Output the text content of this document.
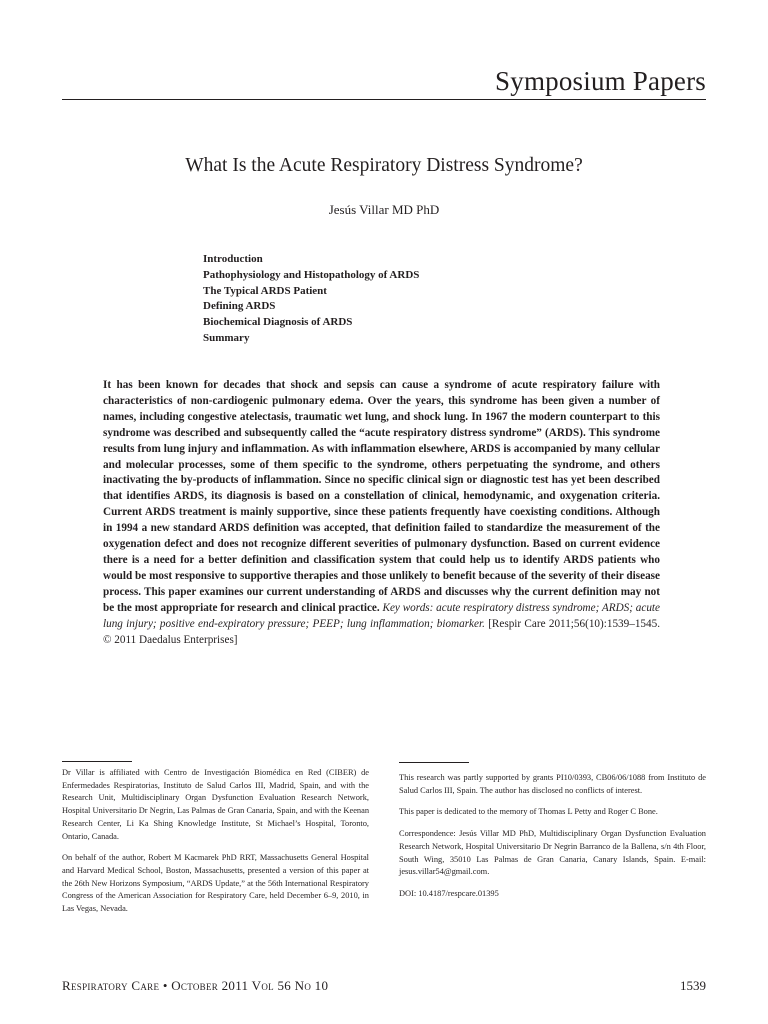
Symposium Papers
What Is the Acute Respiratory Distress Syndrome?
Jesús Villar MD PhD
Introduction
Pathophysiology and Histopathology of ARDS
The Typical ARDS Patient
Defining ARDS
Biochemical Diagnosis of ARDS
Summary

It has been known for decades that shock and sepsis can cause a syndrome of acute respiratory failure with characteristics of non-cardiogenic pulmonary edema. Over the years, this syndrome has been given a number of names, including congestive atelectasis, traumatic wet lung, and shock lung. In 1967 the modern counterpart to this syndrome was described and subsequently called the “acute respiratory distress syndrome” (ARDS). This syndrome results from lung injury and inflammation. As with inflammation elsewhere, ARDS is accompanied by many cellular and molecular processes, some of them specific to the syndrome, others perpetuating the syndrome, and others inactivating the by-products of inflammation. Since no specific clinical sign or diagnostic test has yet been described that identifies ARDS, its diagnosis is based on a constellation of clinical, hemodynamic, and oxygenation criteria. Current ARDS treatment is mainly supportive, since these patients frequently have coexisting conditions. Although in 1994 a new standard ARDS definition was accepted, that definition failed to standardize the measurement of the oxygenation defect and does not recognize different severities of pulmonary dysfunction. Based on current evidence there is a need for a better definition and classification system that could help us to identify ARDS patients who would be most responsive to supportive therapies and those unlikely to benefit because of the severity of their disease process. This paper examines our current understanding of ARDS and discusses why the current definition may not be the most appropriate for research and clinical practice. Key words: acute respiratory distress syndrome; ARDS; acute lung injury; positive end-expiratory pressure; PEEP; lung inflammation; biomarker. [Respir Care 2011;56(10):1539–1545. © 2011 Daedalus Enterprises]

Dr Villar is affiliated with Centro de Investigación Biomédica en Red (CIBER) de Enfermedades Respiratorias, Instituto de Salud Carlos III, Madrid, Spain, and with the Research Unit, Multidisciplinary Organ Dysfunction Evaluation Research Network, Hospital Universitario Dr Negrin, Las Palmas de Gran Canaria, Spain, and with the Keenan Research Center, Li Ka Shing Knowledge Institute, St Michael’s Hospital, Toronto, Ontario, Canada.

On behalf of the author, Robert M Kacmarek PhD RRT, Massachusetts General Hospital and Harvard Medical School, Boston, Massachusetts, presented a version of this paper at the 26th New Horizons Symposium, “ARDS Update,” at the 56th International Respiratory Congress of the American Association for Respiratory Care, held December 6–9, 2010, in Las Vegas, Nevada.

This research was partly supported by grants PI10/0393, CB06/06/1088 from Instituto de Salud Carlos III, Spain. The author has disclosed no conflicts of interest.

This paper is dedicated to the memory of Thomas L Petty and Roger C Bone.

Correspondence: Jesús Villar MD PhD, Multidisciplinary Organ Dysfunction Evaluation Research Network, Hospital Universitario Dr Negrin Barranco de la Ballena, s/n 4th Floor, South Wing, 35010 Las Palmas de Gran Canaria, Canary Islands, Spain. E-mail: jesus.villar54@gmail.com.

DOI: 10.4187/respcare.01395

Respiratory Care • October 2011 Vol 56 No 10	1539
